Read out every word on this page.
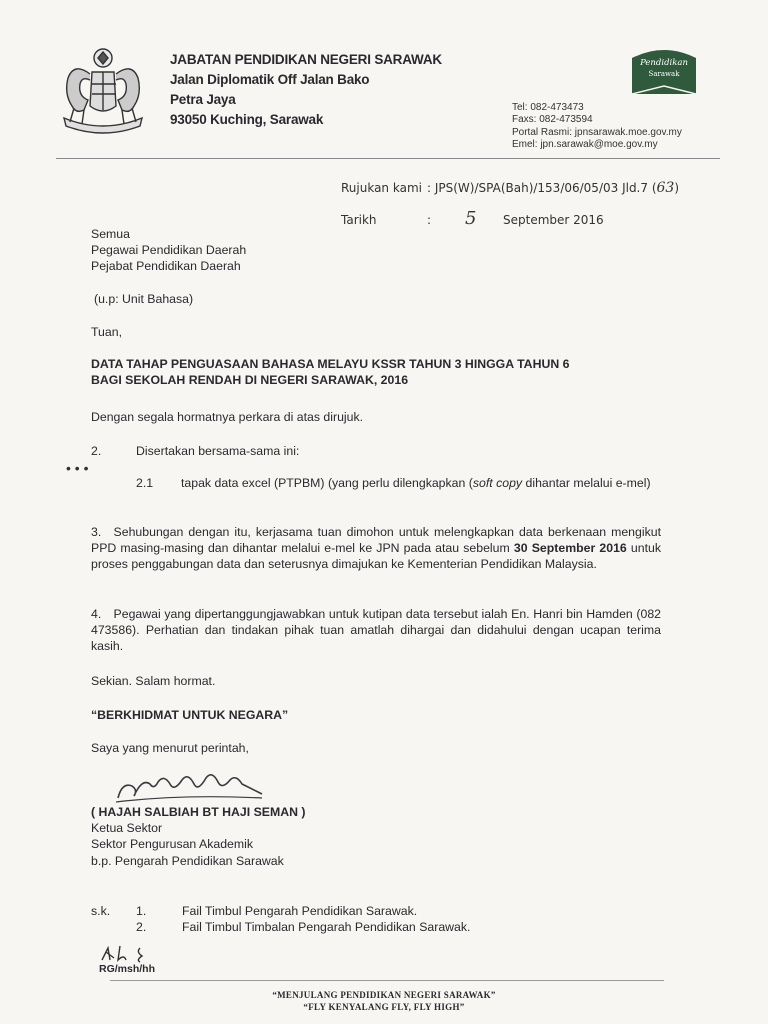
JABATAN PENDIDIKAN NEGERI SARAWAK
Jalan Diplomatik Off Jalan Bako
Petra Jaya
93050 Kuching, Sarawak
Pendidikan
Sarawak
Tel: 082-473473
Faxs: 082-473594
Portal Rasmi: jpnsarawak.moe.gov.my
Emel: jpn.sarawak@moe.gov.my
Rujukan kami : JPS(W)/SPA(Bah)/153/06/05/03 Jld.7 (63)
Tarikh	: 5 September 2016
Semua
Pegawai Pendidikan Daerah
Pejabat Pendidikan Daerah
(u.p: Unit Bahasa)
Tuan,
DATA TAHAP PENGUASAAN BAHASA MELAYU KSSR TAHUN 3 HINGGA TAHUN 6
BAGI SEKOLAH RENDAH DI NEGERI SARAWAK, 2016
Dengan segala hormatnya perkara di atas dirujuk.
2.	Disertakan bersama-sama ini:
• • •
2.1 tapak data excel (PTPBM) (yang perlu dilengkapkan (soft copy dihantar melalui e-mel)
3. Sehubungan dengan itu, kerjasama tuan dimohon untuk melengkapkan data berkenaan mengikut PPD masing-masing dan dihantar melalui e-mel ke JPN pada atau sebelum 30 September 2016 untuk proses penggabungan data dan seterusnya dimajukan ke Kementerian Pendidikan Malaysia.
4. Pegawai yang dipertanggungjawabkan untuk kutipan data tersebut ialah En. Hanri bin Hamden (082 473586). Perhatian dan tindakan pihak tuan amatlah dihargai dan didahului dengan ucapan terima kasih.
Sekian. Salam hormat.
“BERKHIDMAT UNTUK NEGARA”
Saya yang menurut perintah,
( HAJAH SALBIAH BT HAJI SEMAN )
Ketua Sektor
Sektor Pengurusan Akademik
b.p. Pengarah Pendidikan Sarawak
s.k. 1.	Fail Timbul Pengarah Pendidikan Sarawak.
2.	Fail Timbul Timbalan Pengarah Pendidikan Sarawak.
RG/msh/hh
“MENJULANG PENDIDIKAN NEGERI SARAWAK”
“FLY KENYALANG FLY, FLY HIGH”
